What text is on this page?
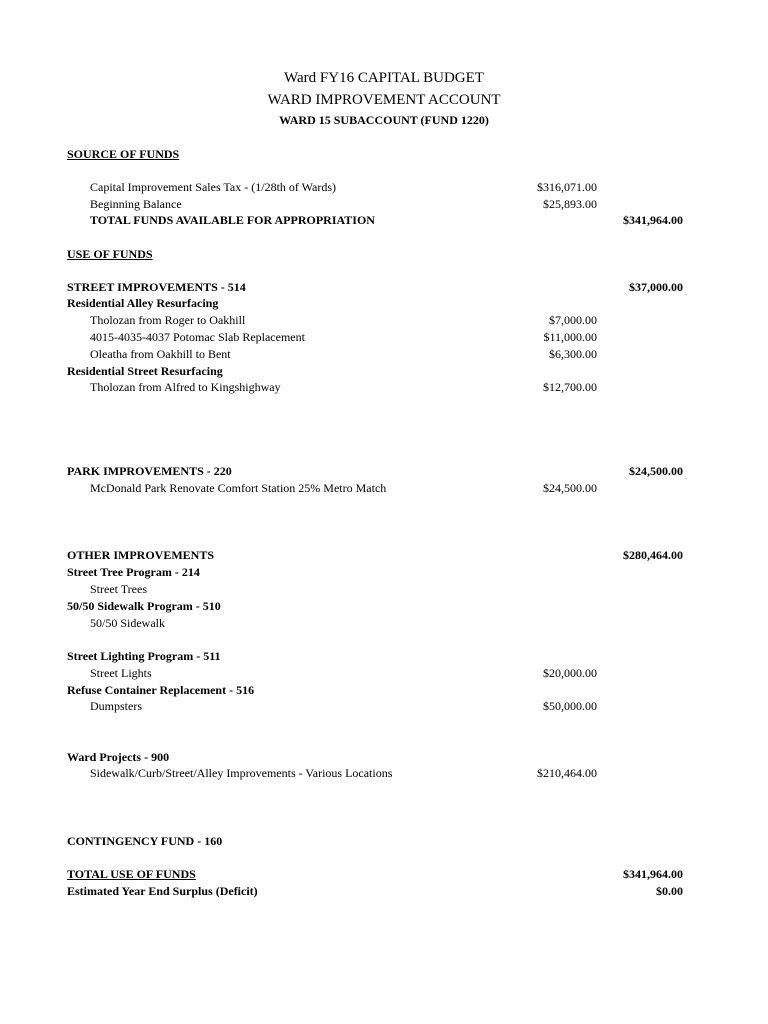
Ward FY16 CAPITAL BUDGET
WARD IMPROVEMENT ACCOUNT
WARD 15 SUBACCOUNT (FUND 1220)
SOURCE OF FUNDS
Capital Improvement Sales Tax - (1/28th of Wards)	$316,071.00
Beginning Balance	$25,893.00
TOTAL FUNDS AVAILABLE FOR APPROPRIATION	$341,964.00
USE OF FUNDS
STREET IMPROVEMENTS - 514	$37,000.00
Residential Alley Resurfacing
Tholozan from Roger to Oakhill	$7,000.00
4015-4035-4037 Potomac Slab Replacement	$11,000.00
Oleatha from Oakhill to Bent	$6,300.00
Residential Street Resurfacing
Tholozan from Alfred to Kingshighway	$12,700.00
PARK IMPROVEMENTS - 220	$24,500.00
McDonald Park Renovate Comfort Station 25% Metro Match	$24,500.00
OTHER IMPROVEMENTS	$280,464.00
Street Tree Program - 214
Street Trees
50/50 Sidewalk Program - 510
50/50 Sidewalk
Street Lighting Program - 511
Street Lights	$20,000.00
Refuse Container Replacement - 516
Dumpsters	$50,000.00
Ward Projects - 900
Sidewalk/Curb/Street/Alley Improvements - Various Locations	$210,464.00
CONTINGENCY FUND - 160
TOTAL USE OF FUNDS	$341,964.00
Estimated Year End Surplus (Deficit)	$0.00
